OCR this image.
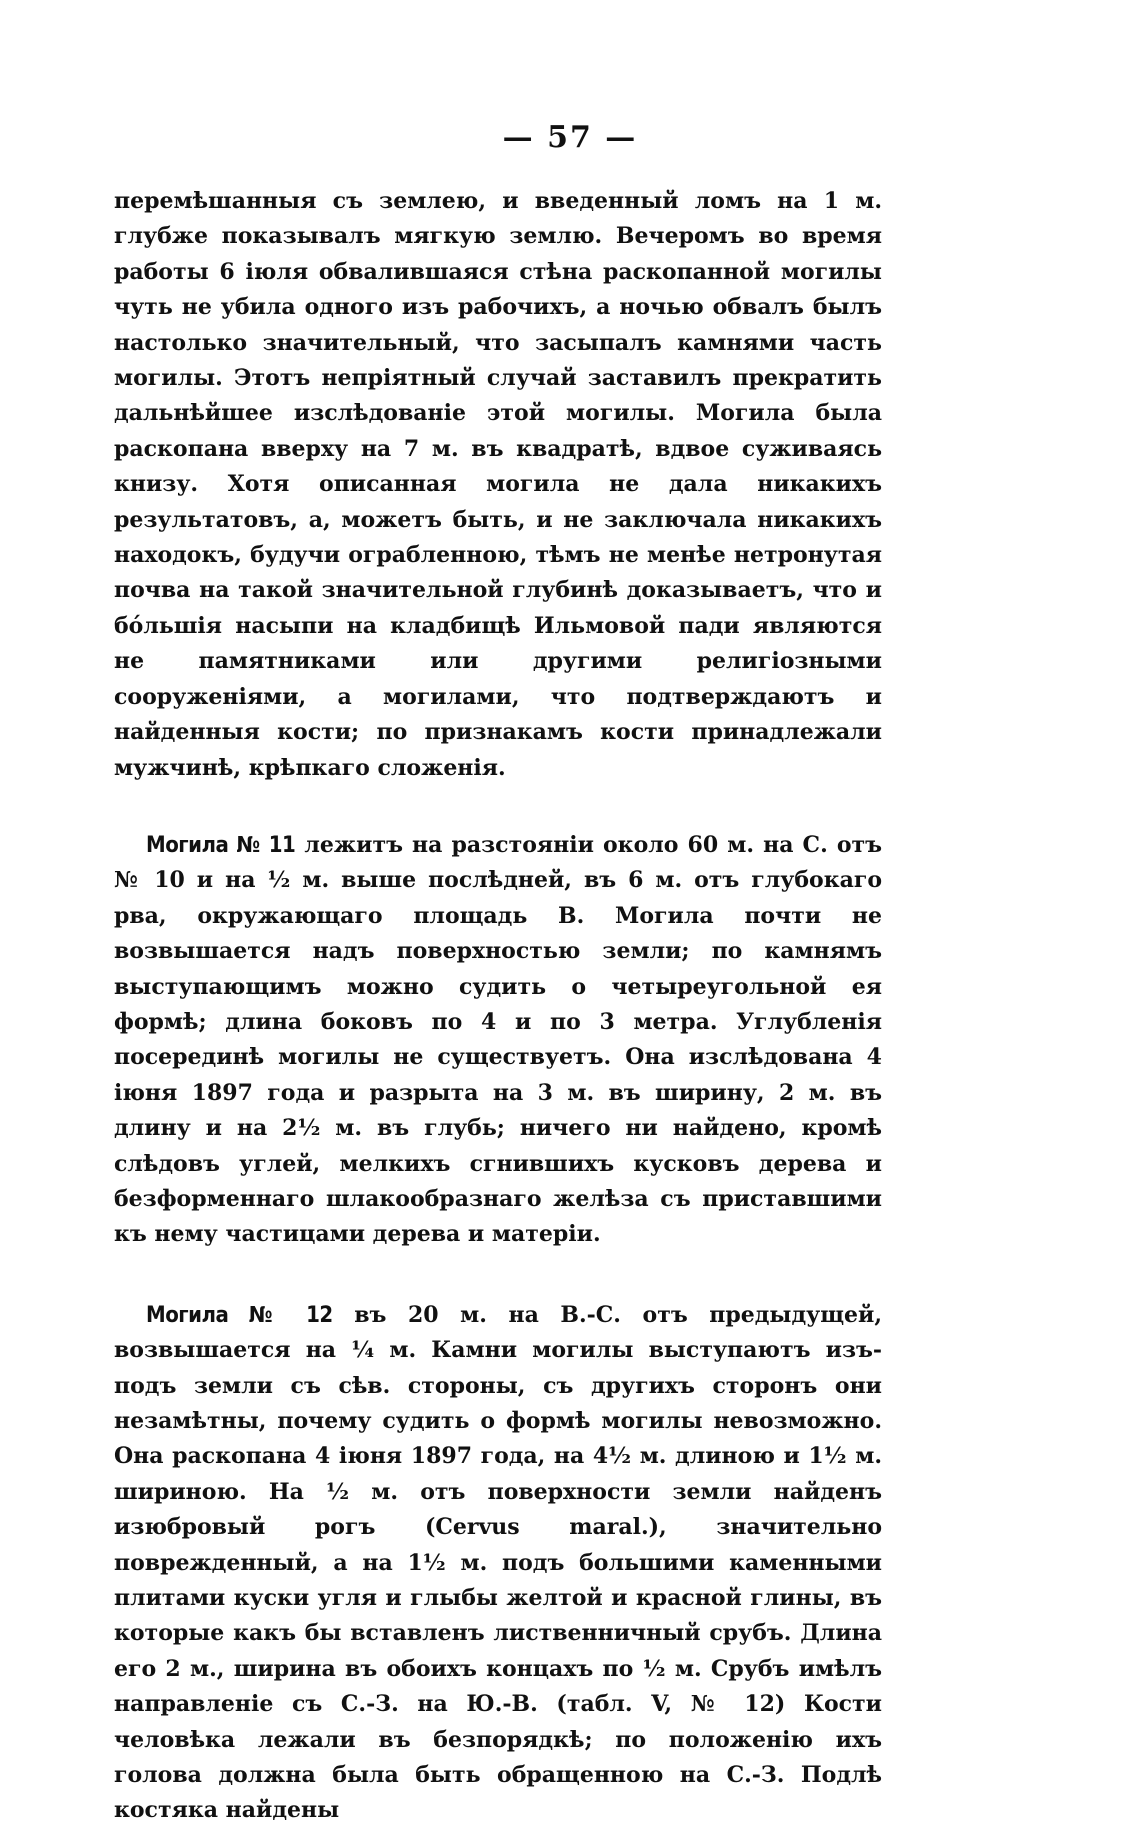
— 57 —

перемѣшанныя съ землею, и введенный ломъ на 1 м. глубже показывалъ мягкую землю. Вечеромъ во время работы 6 іюля обвалившаяся стѣна раскопанной могилы чуть не убила одного изъ рабочихъ, а ночью обвалъ былъ настолько значительный, что засыпалъ камнями часть могилы. Этотъ непріятный случай заставилъ прекратить дальнѣйшее изслѣдованіе этой могилы. Могила была раскопана вверху на 7 м. въ квадратѣ, вдвое суживаясь книзу. Хотя описанная могила не дала никакихъ результатовъ, а, можетъ быть, и не заключала никакихъ находокъ, будучи ограбленною, тѣмъ не менѣе нетронутая почва на такой значительной глубинѣ доказываетъ, что и бо́льшія насыпи на кладбищѣ Ильмовой пади являются не памятниками или другими религіозными сооруженіями, а могилами, что подтверждаютъ и найденныя кости; по признакамъ кости принадлежали мужчинѣ, крѣпкаго сложенія.

Могила № 11 лежитъ на разстояніи около 60 м. на С. отъ № 10 и на ½ м. выше послѣдней, въ 6 м. отъ глубокаго рва, окружающаго площадь В. Могила почти не возвышается надъ поверхностью земли; по камнямъ выступающимъ можно судить о четыреугольной ея формѣ; длина боковъ по 4 и по 3 метра. Углубленія посерединѣ могилы не существуетъ. Она изслѣдована 4 іюня 1897 года и разрыта на 3 м. въ ширину, 2 м. въ длину и на 2½ м. въ глубь; ничего ни найдено, кромѣ слѣдовъ углей, мелкихъ сгнившихъ кусковъ дерева и безформеннаго шлакообразнаго желѣза съ приставшими къ нему частицами дерева и матеріи.

Могила № 12 въ 20 м. на В.-С. отъ предыдущей, возвышается на ¼ м. Камни могилы выступаютъ изъ-подъ земли съ сѣв. стороны, съ другихъ сторонъ они незамѣтны, почему судить о формѣ могилы невозможно. Она раскопана 4 іюня 1897 года, на 4½ м. длиною и 1½ м. шириною. На ½ м. отъ поверхности земли найденъ изюбровый рогъ (Cervus maral.), значительно поврежденный, а на 1½ м. подъ большими каменными плитами куски угля и глыбы желтой и красной глины, въ которые какъ бы вставленъ лиственничный срубъ. Длина его 2 м., ширина въ обоихъ концахъ по ½ м. Срубъ имѣлъ направленіе съ С.-З. на Ю.-В. (табл. V, № 12) Кости человѣка лежали въ безпорядкѣ; по положенію ихъ голова должна была быть обращенною на С.-З. Подлѣ костяка найдены
